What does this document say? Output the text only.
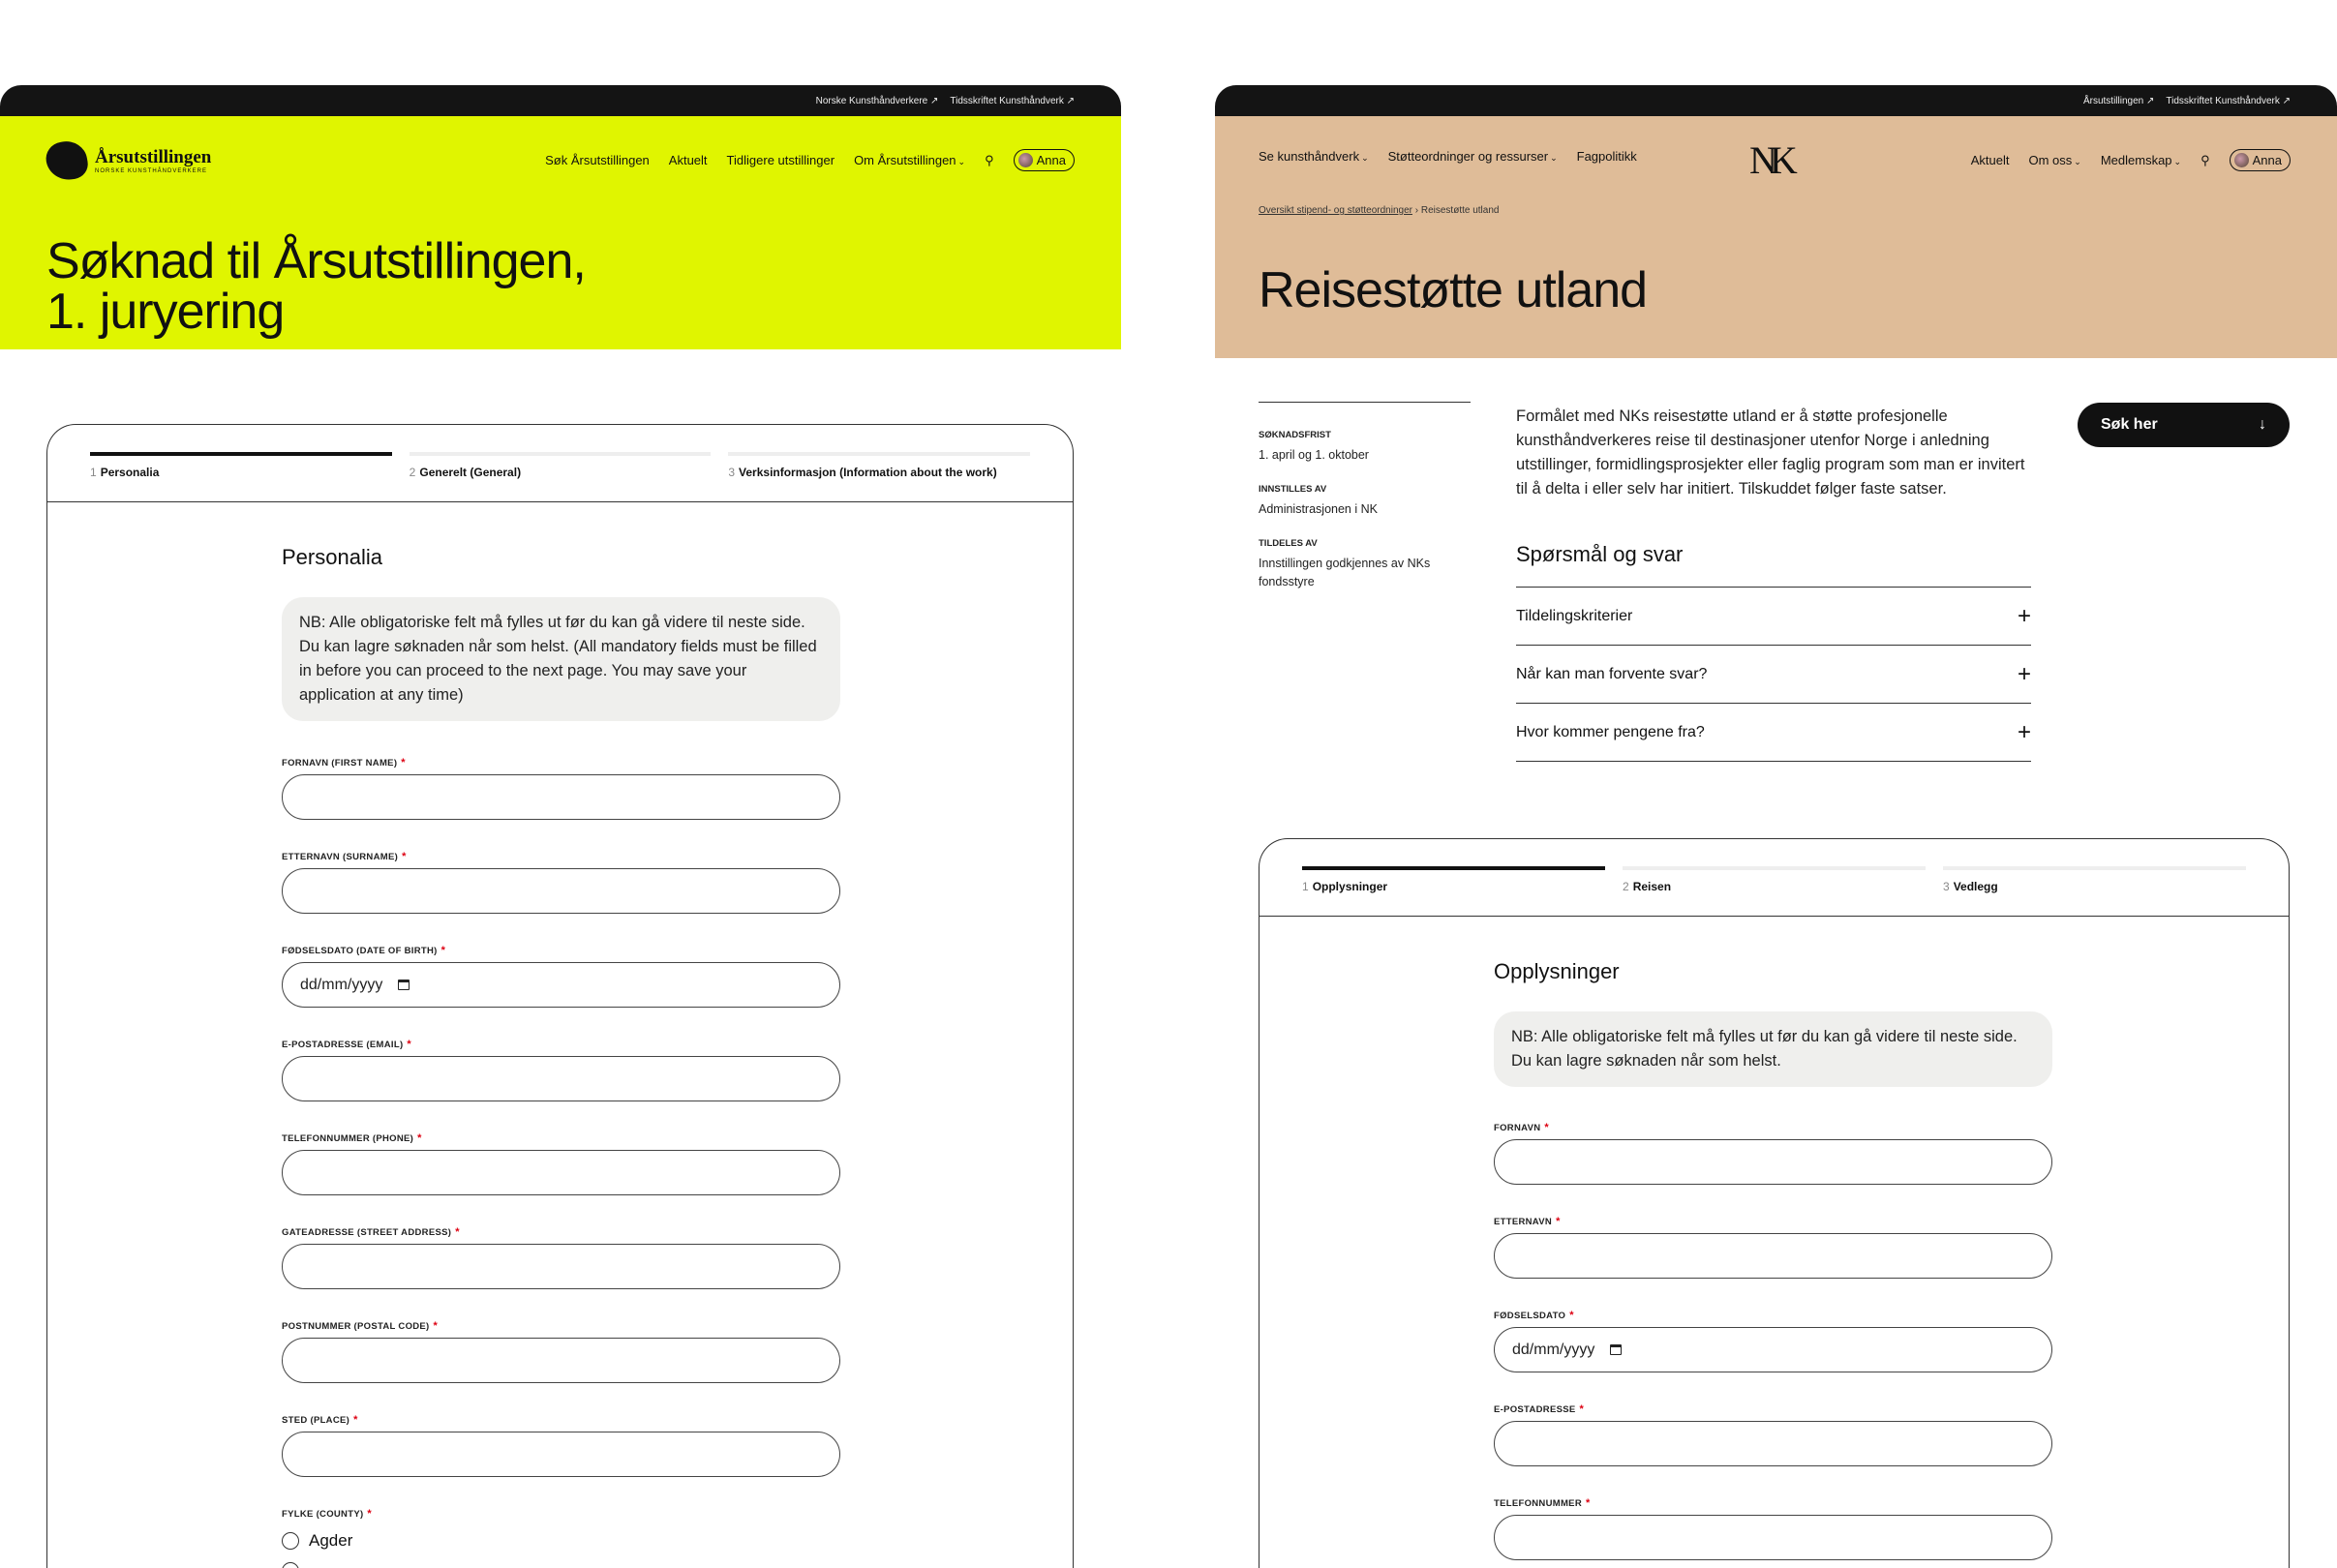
Norske Kunsthåndverkere ↗ Tidsskriftet Kunsthåndverk ↗
Årsutstillingen
NORSKE KUNSTHÅNDVERKERE
Søk Årsutstillingen Aktuelt Tidligere utstillinger Om Årsutstillingen ⌄ ⚲	Anna
Søknad til Årsutstillingen,
1. juryering
1 Personalia	2 Generelt (General)	3 Verksinformasjon (Information about the work)
Personalia
NB: Alle obligatoriske felt må fylles ut før du kan gå videre til neste side. Du kan lagre søknaden når som helst. (All mandatory fields must be filled in before you can proceed to the next page. You may save your application at any time)
FORNAVN (FIRST NAME) *
ETTERNAVN (SURNAME) *
FØDSELSDATO (DATE OF BIRTH) *
dd/mm/yyyy
E-POSTADRESSE (EMAIL) *
TELEFONNUMMER (PHONE) *
GATEADRESSE (STREET ADDRESS) *
POSTNUMMER (POSTAL CODE) *
STED (PLACE) *
FYLKE (COUNTY) *
Agder
Årsutstillingen ↗ Tidsskriftet Kunsthåndverk ↗
Se kunsthåndverk ⌄ Støtteordninger og ressurser ⌄ Fagpolitikk	NK	Aktuelt Om oss ⌄ Medlemskap ⌄ ⚲	Anna
Oversikt stipend- og støtteordninger › Reisestøtte utland
Reisestøtte utland
SØKNADSFRIST
1. april og 1. oktober
INNSTILLES AV
Administrasjonen i NK
TILDELES AV
Innstillingen godkjennes av NKs fondsstyre
Formålet med NKs reisestøtte utland er å støtte profesjonelle kunsthåndverkeres reise til destinasjoner utenfor Norge i anledning utstillinger, formidlingsprosjekter eller faglig program som man er invitert til å delta i eller selv har initiert. Tilskuddet følger faste satser.
Søk her	↓
Spørsmål og svar
Tildelingskriterier	+
Når kan man forvente svar?	+
Hvor kommer pengene fra?	+
1 Opplysninger	2 Reisen	3 Vedlegg
Opplysninger
NB: Alle obligatoriske felt må fylles ut før du kan gå videre til neste side. Du kan lagre søknaden når som helst.
FORNAVN *
ETTERNAVN *
FØDSELSDATO *
dd/mm/yyyy
E-POSTADRESSE *
TELEFONNUMMER *
